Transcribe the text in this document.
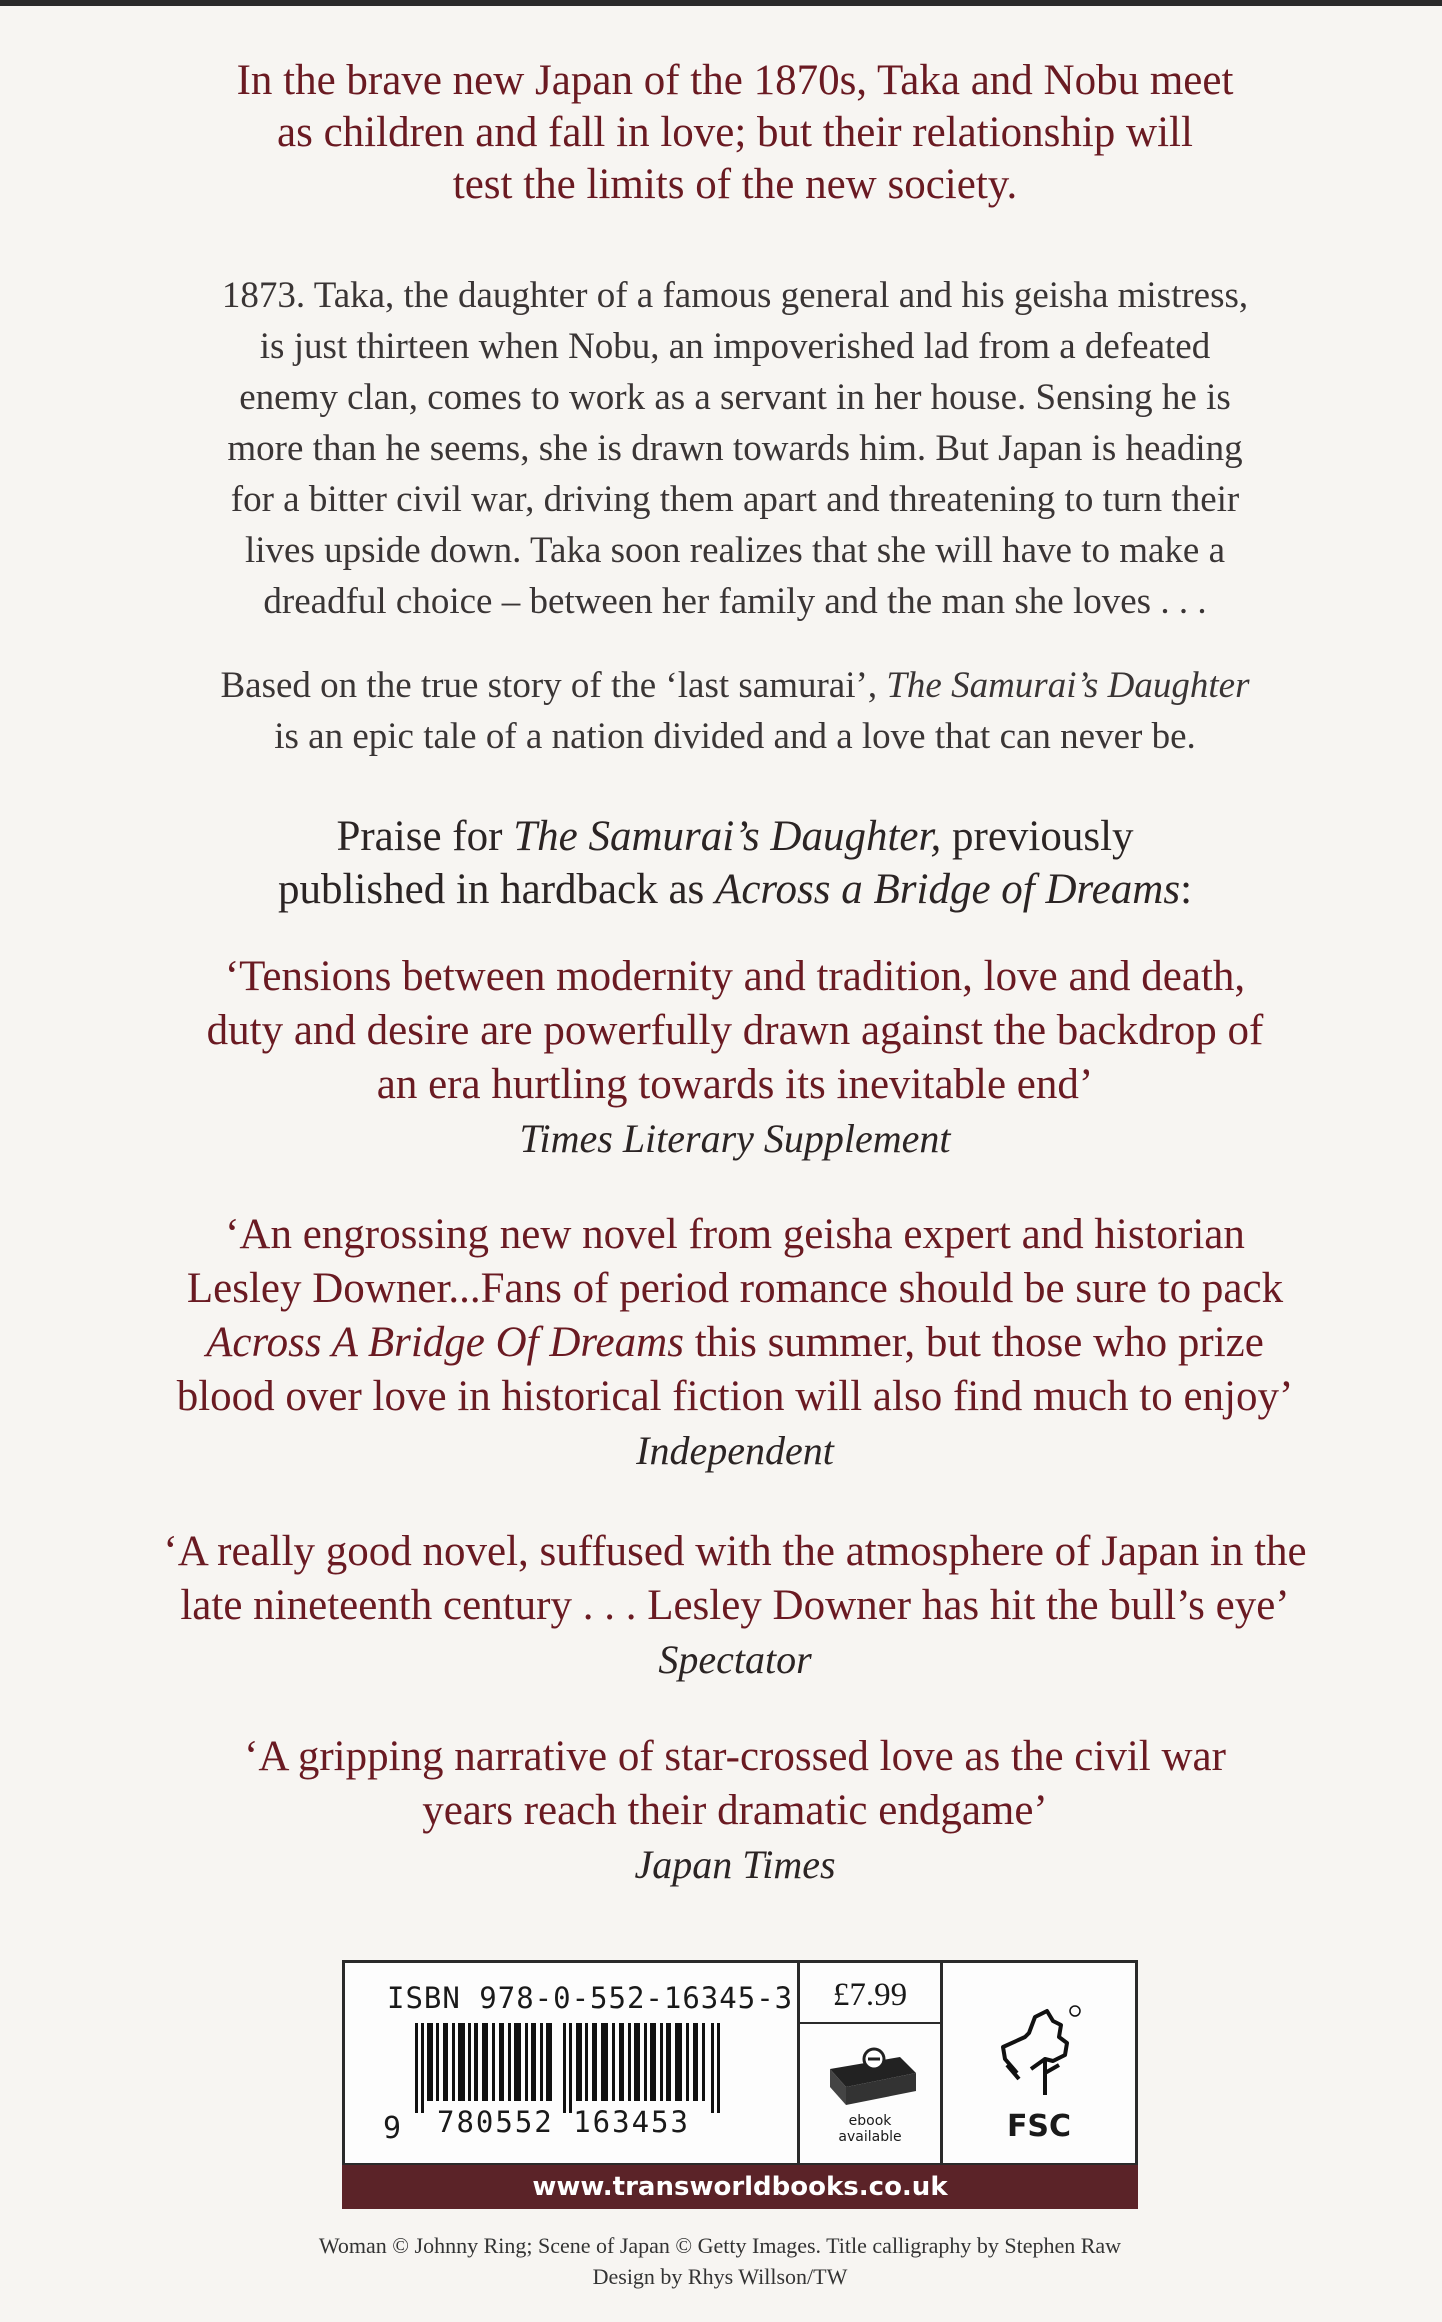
In the brave new Japan of the 1870s, Taka and Nobu meet

as children and fall in love; but their relationship will

test the limits of the new society.

1873. Taka, the daughter of a famous general and his geisha mistress,

is just thirteen when Nobu, an impoverished lad from a defeated

enemy clan, comes to work as a servant in her house. Sensing he is

more than he seems, she is drawn towards him. But Japan is heading

for a bitter civil war, driving them apart and threatening to turn their

lives upside down. Taka soon realizes that she will have to make a

dreadful choice – between her family and the man she loves . . .

Based on the true story of the ‘last samurai’, The Samurai’s Daughter

is an epic tale of a nation divided and a love that can never be.

Praise for The Samurai’s Daughter, previously

published in hardback as Across a Bridge of Dreams:

‘Tensions between modernity and tradition, love and death,

duty and desire are powerfully drawn against the backdrop of

an era hurtling towards its inevitable end’

Times Literary Supplement

‘An engrossing new novel from geisha expert and historian

Lesley Downer...Fans of period romance should be sure to pack

Across A Bridge Of Dreams this summer, but those who prize

blood over love in historical fiction will also find much to enjoy’

Independent

‘A really good novel, suffused with the atmosphere of Japan in the

late nineteenth century . . . Lesley Downer has hit the bull’s eye’

Spectator

‘A gripping narrative of star-crossed love as the civil war

years reach their dramatic endgame’

Japan Times
ISBN 978-0-552-16345-3
9 780552 163453
£7.99
ebook
available	FSC
www.transworldbooks.co.uk

Woman © Johnny Ring; Scene of Japan © Getty Images. Title calligraphy by Stephen Raw

Design by Rhys Willson/TW
